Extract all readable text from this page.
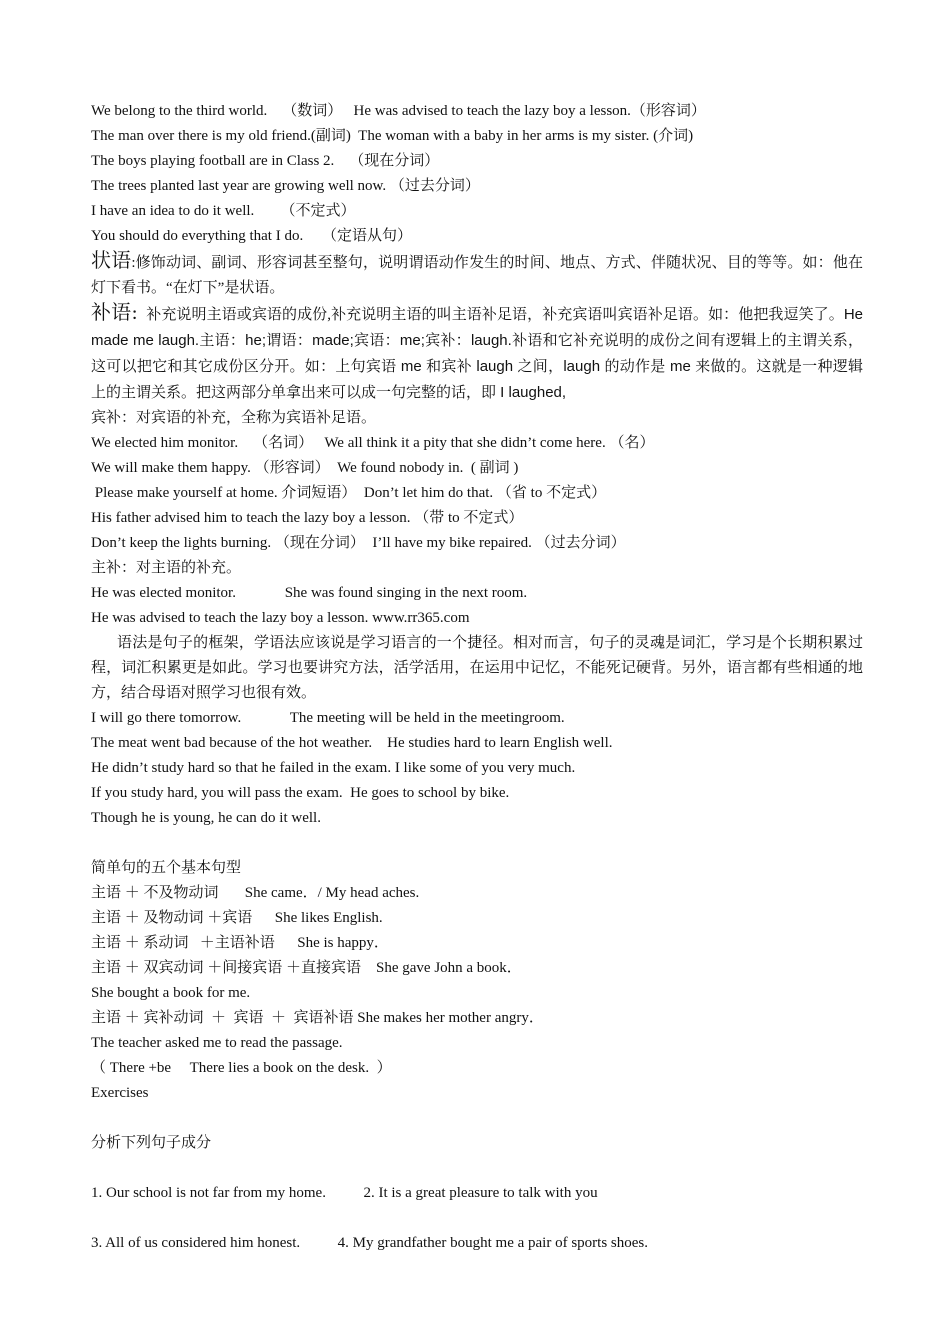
We belong to the third world.    （数词）   He was advised to teach the lazy boy a lesson.（形容词）
The man over there is my old friend.(副词)  The woman with a baby in her arms is my sister. (介词)
The boys playing football are in Class 2.    （现在分词）
The trees planted last year are growing well now. （过去分词）
I have an idea to do it well.       （不定式）
You should do everything that I do.     （定语从句）
状语:修饰动词、副词、形容词甚至整句，说明谓语动作发生的时间、地点、方式、伴随状况、目的等等。如：他在灯下看书。“在灯下”是状语。
补语：补充说明主语或宾语的成份,补充说明主语的叫主语补足语，补充宾语叫宾语补足语。如：他把我逗笑了。He made me laugh.主语：he;谓语：made;宾语：me;宾补：laugh.补语和它补充说明的成份之间有逻辑上的主谓关系，这可以把它和其它成份区分开。如：上句宾语 me 和宾补 laugh 之间，laugh 的动作是 me 来做的。这就是一种逻辑上的主谓关系。把这两部分单拿出来可以成一句完整的话，即 I laughed,
宾补：对宾语的补充，全称为宾语补足语。
We elected him monitor.    （名词）   We all think it a pity that she didn’t come here. （名）
We will make them happy. （形容词）  We found nobody in.  ( 副词 )
Please make yourself at home. 介词短语）  Don’t let him do that. （省 to 不定式）
His father advised him to teach the lazy boy a lesson. （带 to 不定式）
Don’t keep the lights burning. （现在分词）  I’ll have my bike repaired. （过去分词）
主补：对主语的补充。
He was elected monitor.             She was found singing in the next room.
He was advised to teach the lazy boy a lesson. www.rr365.com
语法是句子的框架，学语法应该说是学习语言的一个捷径。相对而言，句子的灵魂是词汇，学习是个长期积累过程，词汇积累更是如此。学习也要讲究方法，活学活用，在运用中记忆，不能死记硬背。另外，语言都有些相通的地方，结合母语对照学习也很有效。
I will go there tomorrow.             The meeting will be held in the meetingroom.
The meat went bad because of the hot weather.    He studies hard to learn English well.
He didn’t study hard so that he failed in the exam. I like some of you very much.
If you study hard, you will pass the exam.  He goes to school by bike.
Though he is young, he can do it well.
简单句的五个基本句型
主语 ＋ 不及物动词       She came．/ My head aches.
主语 ＋ 及物动词 ＋宾语      She likes English.
主语 ＋ 系动词   ＋主语补语      She is happy．
主语 ＋ 双宾动词 ＋间接宾语 ＋直接宾语    She gave John a book．
She bought a book for me.
主语 ＋ 宾补动词  ＋  宾语  ＋  宾语补语 She makes her mother angry．
The teacher asked me to read the passage.
（ There +be     There lies a book on the desk.  ）
Exercises
分析下列句子成分
1. Our school is not far from my home.          2. It is a great pleasure to talk with you
3. All of us considered him honest.          4. My grandfather bought me a pair of sports shoes.
